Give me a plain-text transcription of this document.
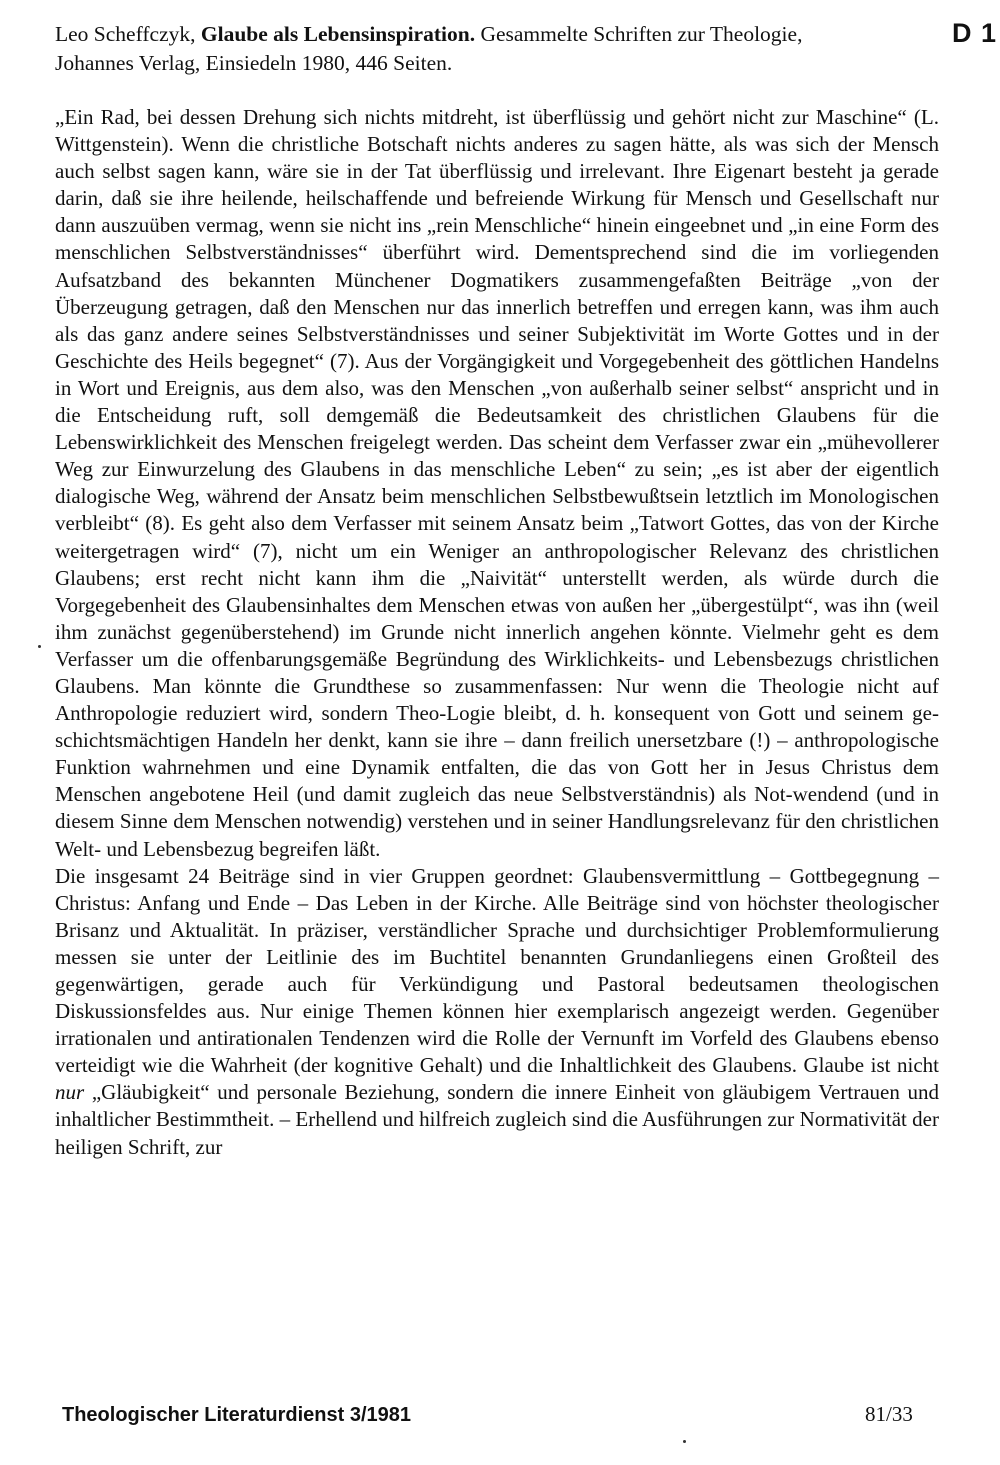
Leo Scheffczyk, Glaube als Lebensinspiration. Gesammelte Schriften zur Theologie,
Johannes Verlag, Einsiedeln 1980, 446 Seiten.
D 1

„Ein Rad, bei dessen Drehung sich nichts mitdreht, ist überflüssig und gehört nicht zur Maschine“ (L. Wittgenstein). Wenn die christliche Botschaft nichts anderes zu sagen hätte, als was sich der Mensch auch selbst sagen kann, wäre sie in der Tat überflüssig und irrelevant. Ihre Eigenart besteht ja gerade darin, daß sie ihre heilende, heilschaffende und befreiende Wirkung für Mensch und Gesellschaft nur dann auszuüben vermag, wenn sie nicht ins „rein Menschliche“ hinein eingeebnet und „in eine Form des menschlichen Selbstverständnisses“ überführt wird. Dementsprechend sind die im vorliegenden Aufsatzband des bekannten Münchener Dogmatikers zusammengefaßten Beiträge „von der Überzeugung getragen, daß den Menschen nur das innerlich betreffen und erregen kann, was ihm auch als das ganz andere seines Selbstverständnisses und seiner Subjektivität im Worte Gottes und in der Geschichte des Heils begegnet“ (7). Aus der Vorgängigkeit und Vorgegebenheit des göttlichen Handelns in Wort und Ereignis, aus dem also, was den Menschen „von außerhalb seiner selbst“ anspricht und in die Entscheidung ruft, soll demgemäß die Bedeutsamkeit des christlichen Glaubens für die Lebenswirklichkeit des Menschen freigelegt werden. Das scheint dem Verfasser zwar ein „mühevollerer Weg zur Einwurzelung des Glaubens in das menschliche Leben“ zu sein; „es ist aber der eigentlich dialogische Weg, während der Ansatz beim menschlichen Selbstbewußtsein letztlich im Monologischen verbleibt“ (8). Es geht also dem Verfasser mit seinem Ansatz beim „Tatwort Gottes, das von der Kirche weitergetragen wird“ (7), nicht um ein Weniger an anthropologischer Relevanz des christlichen Glaubens; erst recht nicht kann ihm die „Naivität“ unterstellt werden, als würde durch die Vorgegebenheit des Glaubensinhaltes dem Menschen etwas von außen her „übergestülpt“, was ihn (weil ihm zunächst gegenüberstehend) im Grunde nicht innerlich angehen könnte. Vielmehr geht es dem Verfasser um die offenbarungsgemäße Begründung des Wirklichkeits- und Lebensbezugs christlichen Glaubens. Man könnte die Grundthese so zusammenfassen: Nur wenn die Theologie nicht auf Anthropologie reduziert wird, sondern Theo-Logie bleibt, d. h. konsequent von Gott und seinem geschichtsmächtigen Handeln her denkt, kann sie ihre – dann freilich unersetzbare (!) – anthropologische Funktion wahrnehmen und eine Dynamik entfalten, die das von Gott her in Jesus Christus dem Menschen angebotene Heil (und damit zugleich das neue Selbstverständnis) als Not-wendend (und in diesem Sinne dem Menschen notwendig) verstehen und in seiner Handlungsrelevanz für den christlichen Welt- und Lebensbezug begreifen läßt.

Die insgesamt 24 Beiträge sind in vier Gruppen geordnet: Glaubensvermittlung – Gottbegegnung – Christus: Anfang und Ende – Das Leben in der Kirche. Alle Beiträge sind von höchster theologischer Brisanz und Aktualität. In präziser, verständlicher Sprache und durchsichtiger Problemformulierung messen sie unter der Leitlinie des im Buchtitel benannten Grundanliegens einen Großteil des gegenwärtigen, gerade auch für Verkündigung und Pastoral bedeutsamen theologischen Diskussionsfeldes aus. Nur einige Themen können hier exemplarisch angezeigt werden. Gegenüber irrationalen und antirationalen Tendenzen wird die Rolle der Vernunft im Vorfeld des Glaubens ebenso verteidigt wie die Wahrheit (der kognitive Gehalt) und die Inhaltlichkeit des Glaubens. Glaube ist nicht nur „Gläubigkeit“ und personale Beziehung, sondern die innere Einheit von gläubigem Vertrauen und inhaltlicher Bestimmtheit. – Erhellend und hilfreich zugleich sind die Ausführungen zur Normativität der heiligen Schrift, zur

Theologischer Literaturdienst 3/1981	81/33
